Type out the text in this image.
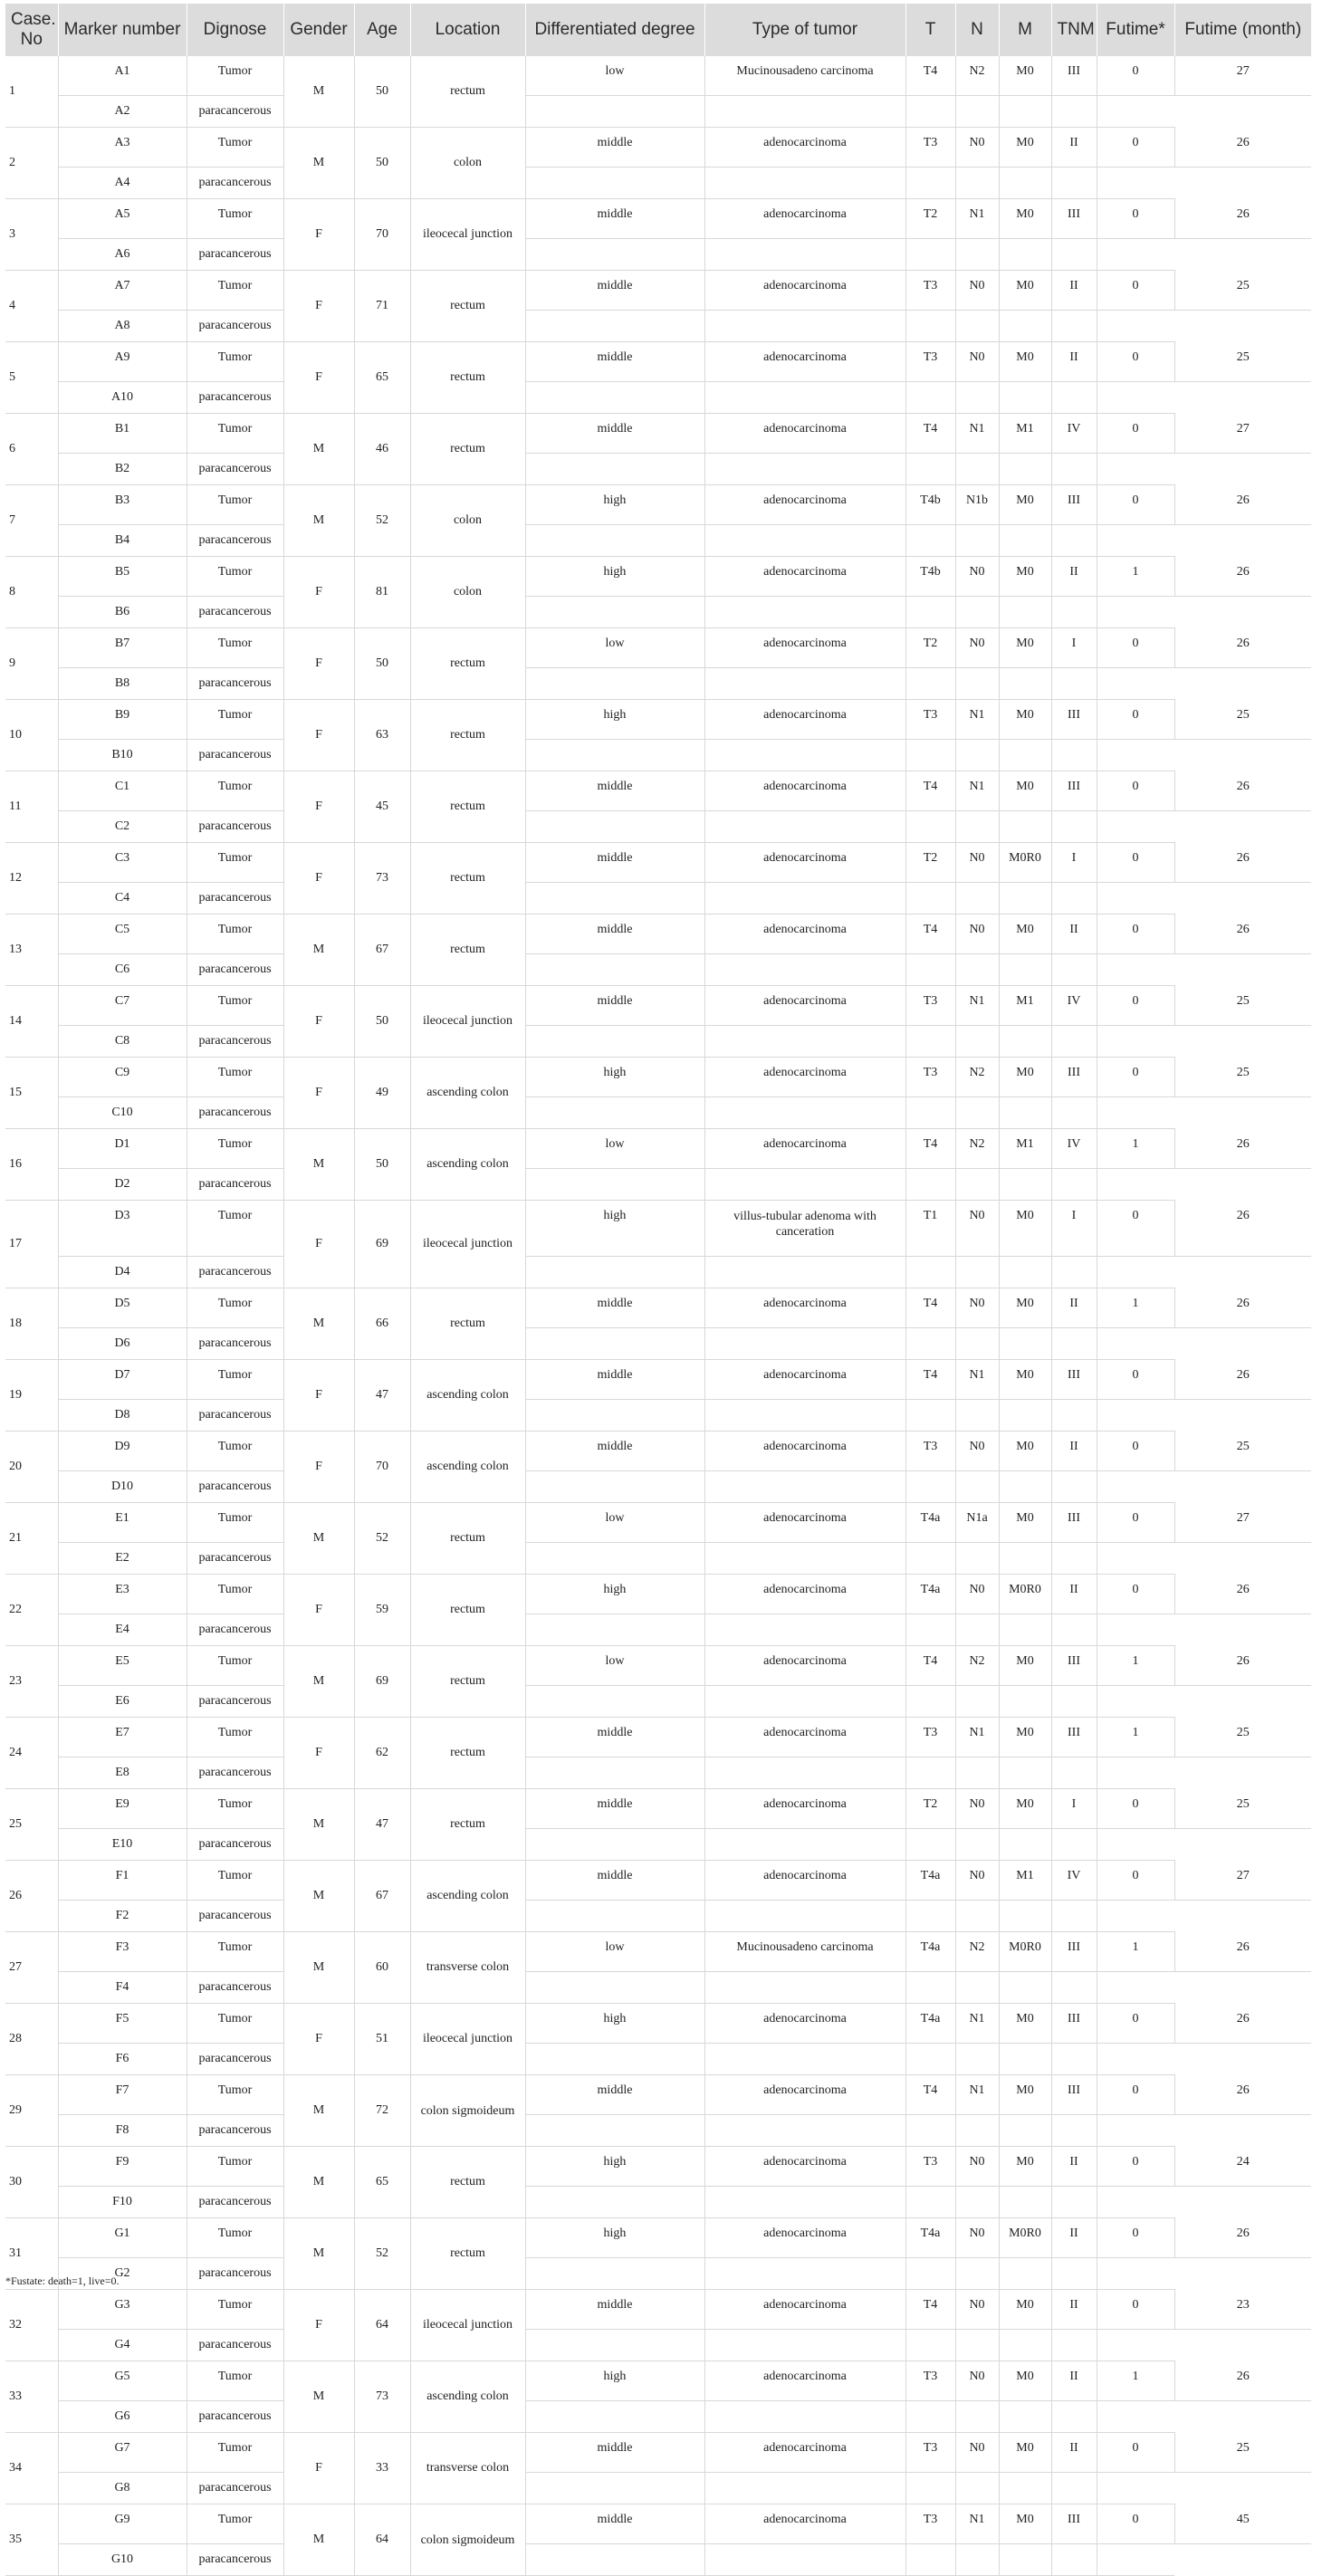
Case. No	Marker number	Dignose	Gender	Age	Location	Differentiated degree	Type of tumor	T	N	M	TNM	Futime*	Futime (month)
1	A1	Tumor	M	50	rectum	low	Mucinousadeno carcinoma	T4	N2	M0	III	0	27
	A2	paracancerous											
2	A3	Tumor	M	50	colon	middle	adenocarcinoma	T3	N0	M0	II	0	26
	A4	paracancerous											
3	A5	Tumor	F	70	ileocecal junction	middle	adenocarcinoma	T2	N1	M0	III	0	26
	A6	paracancerous											
4	A7	Tumor	F	71	rectum	middle	adenocarcinoma	T3	N0	M0	II	0	25
	A8	paracancerous											
5	A9	Tumor	F	65	rectum	middle	adenocarcinoma	T3	N0	M0	II	0	25
	A10	paracancerous											
6	B1	Tumor	M	46	rectum	middle	adenocarcinoma	T4	N1	M1	IV	0	27
	B2	paracancerous											
7	B3	Tumor	M	52	colon	high	adenocarcinoma	T4b	N1b	M0	III	0	26
	B4	paracancerous											
8	B5	Tumor	F	81	colon	high	adenocarcinoma	T4b	N0	M0	II	1	26
	B6	paracancerous											
9	B7	Tumor	F	50	rectum	low	adenocarcinoma	T2	N0	M0	I	0	26
	B8	paracancerous											
10	B9	Tumor	F	63	rectum	high	adenocarcinoma	T3	N1	M0	III	0	25
	B10	paracancerous											
11	C1	Tumor	F	45	rectum	middle	adenocarcinoma	T4	N1	M0	III	0	26
	C2	paracancerous											
12	C3	Tumor	F	73	rectum	middle	adenocarcinoma	T2	N0	M0R0	I	0	26
	C4	paracancerous											
13	C5	Tumor	M	67	rectum	middle	adenocarcinoma	T4	N0	M0	II	0	26
	C6	paracancerous											
14	C7	Tumor	F	50	ileocecal junction	middle	adenocarcinoma	T3	N1	M1	IV	0	25
	C8	paracancerous											
15	C9	Tumor	F	49	ascending colon	high	adenocarcinoma	T3	N2	M0	III	0	25
	C10	paracancerous											
16	D1	Tumor	M	50	ascending colon	low	adenocarcinoma	T4	N2	M1	IV	1	26
	D2	paracancerous											
17	D3	Tumor	F	69	ileocecal junction	high	villus-tubular adenoma with canceration	T1	N0	M0	I	0	26
	D4	paracancerous											
18	D5	Tumor	M	66	rectum	middle	adenocarcinoma	T4	N0	M0	II	1	26
	D6	paracancerous											
19	D7	Tumor	F	47	ascending colon	middle	adenocarcinoma	T4	N1	M0	III	0	26
	D8	paracancerous											
20	D9	Tumor	F	70	ascending colon	middle	adenocarcinoma	T3	N0	M0	II	0	25
	D10	paracancerous											
21	E1	Tumor	M	52	rectum	low	adenocarcinoma	T4a	N1a	M0	III	0	27
	E2	paracancerous											
22	E3	Tumor	F	59	rectum	high	adenocarcinoma	T4a	N0	M0R0	II	0	26
	E4	paracancerous											
23	E5	Tumor	M	69	rectum	low	adenocarcinoma	T4	N2	M0	III	1	26
	E6	paracancerous											
24	E7	Tumor	F	62	rectum	middle	adenocarcinoma	T3	N1	M0	III	1	25
	E8	paracancerous											
25	E9	Tumor	M	47	rectum	middle	adenocarcinoma	T2	N0	M0	I	0	25
	E10	paracancerous											
26	F1	Tumor	M	67	ascending colon	middle	adenocarcinoma	T4a	N0	M1	IV	0	27
	F2	paracancerous											
27	F3	Tumor	M	60	transverse colon	low	Mucinousadeno carcinoma	T4a	N2	M0R0	III	1	26
	F4	paracancerous											
28	F5	Tumor	F	51	ileocecal junction	high	adenocarcinoma	T4a	N1	M0	III	0	26
	F6	paracancerous											
29	F7	Tumor	M	72	colon sigmoideum	middle	adenocarcinoma	T4	N1	M0	III	0	26
	F8	paracancerous											
30	F9	Tumor	M	65	rectum	high	adenocarcinoma	T3	N0	M0	II	0	24
	F10	paracancerous											
31	G1	Tumor	M	52	rectum	high	adenocarcinoma	T4a	N0	M0R0	II	0	26
	G2	paracancerous											
32	G3	Tumor	F	64	ileocecal junction	middle	adenocarcinoma	T4	N0	M0	II	0	23
	G4	paracancerous											
33	G5	Tumor	M	73	ascending colon	high	adenocarcinoma	T3	N0	M0	II	1	26
	G6	paracancerous											
34	G7	Tumor	F	33	transverse colon	middle	adenocarcinoma	T3	N0	M0	II	0	25
	G8	paracancerous											
35	G9	Tumor	M	64	colon sigmoideum	middle	adenocarcinoma	T3	N1	M0	III	0	45
	G10	paracancerous											
*Fustate: death=1, live=0.
